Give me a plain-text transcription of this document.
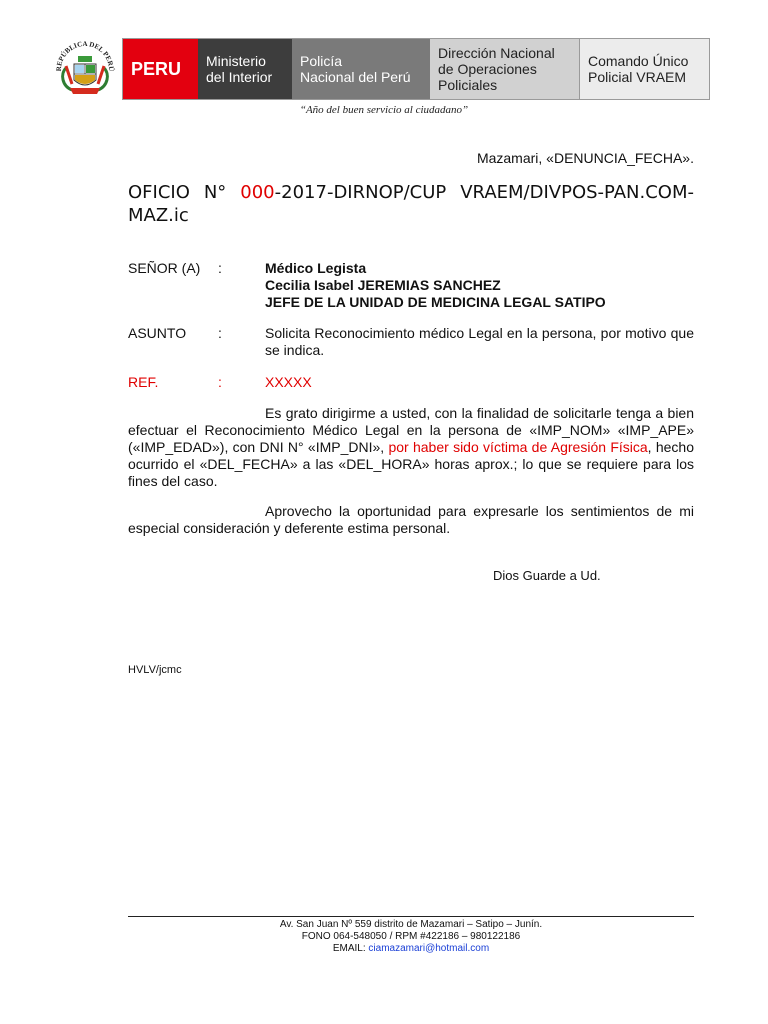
REPÚBLICA DEL PERÚ PERU Ministerio
del Interior
Policía
Nacional del Perú
Dirección Nacional
de Operaciones
Policiales
Comando Único
Policial VRAEM
“Año del buen servicio al ciudadano”
Mazamari, «DENUNCIA_FECHA».
OFICIO N° 000-2017-DIRNOP/CUP VRAEM/DIVPOS-PAN.COM-MAZ.ic
SEÑOR (A) :	Médico Legista
Cecilia Isabel JEREMIAS SANCHEZ
JEFE DE LA UNIDAD DE MEDICINA LEGAL SATIPO
ASUNTO :	Solicita Reconocimiento médico Legal en la persona, por motivo que se indica.
REF.	:	XXXXX
Es grato dirigirme a usted, con la finalidad de solicitarle tenga a bien efectuar el Reconocimiento Médico Legal en la persona de «IMP_NOM» «IMP_APE» («IMP_EDAD»), con DNI N° «IMP_DNI», por haber sido víctima de Agresión Física, hecho ocurrido el «DEL_FECHA» a las «DEL_HORA» horas aprox.; lo que se requiere para los fines del caso.
Aprovecho la oportunidad para expresarle los sentimientos de mi especial consideración y deferente estima personal.
Dios Guarde a Ud.
HVLV/jcmc
Av. San Juan Nº 559 distrito de Mazamari – Satipo – Junín.
FONO 064-548050 / RPM #422186 – 980122186
EMAIL: ciamazamari@hotmail.com
